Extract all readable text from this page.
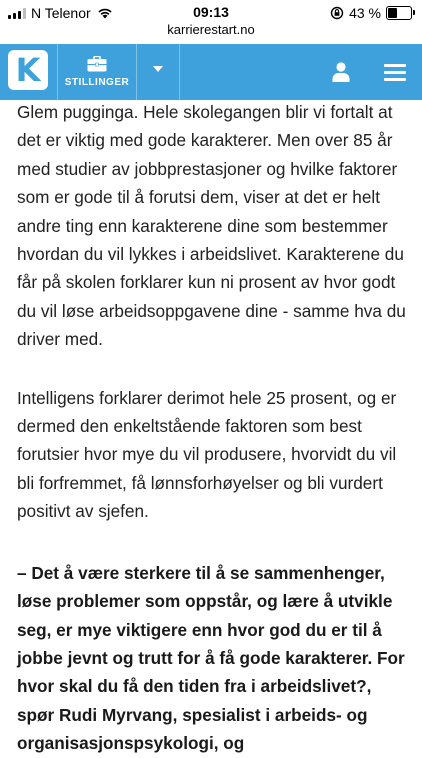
N Telenor	09:13
karrierestart.no
43 %
K STILLINGER

Glem pugginga. Hele skolegangen blir vi fortalt at det er viktig med gode karakterer. Men over 85 år med studier av jobbprestasjoner og hvilke faktorer som er gode til å forutsi dem, viser at det er helt andre ting enn karakterene dine som bestemmer hvordan du vil lykkes i arbeidslivet. Karakterene du får på skolen forklarer kun ni prosent av hvor godt du vil løse arbeidsoppgavene dine - samme hva du driver med.

Intelligens forklarer derimot hele 25 prosent, og er dermed den enkeltstående faktoren som best forutsier hvor mye du vil produsere, hvorvidt du vil bli forfremmet, få lønnsforhøyelser og bli vurdert positivt av sjefen.

– Det å være sterkere til å se sammenhenger, løse problemer som oppstår, og lære å utvikle seg, er mye viktigere enn hvor god du er til å jobbe jevnt og trutt for å få gode karakterer. For hvor skal du få den tiden fra i arbeidslivet?, spør Rudi Myrvang, spesialist i arbeids- og organisasjonspsykologi, og
